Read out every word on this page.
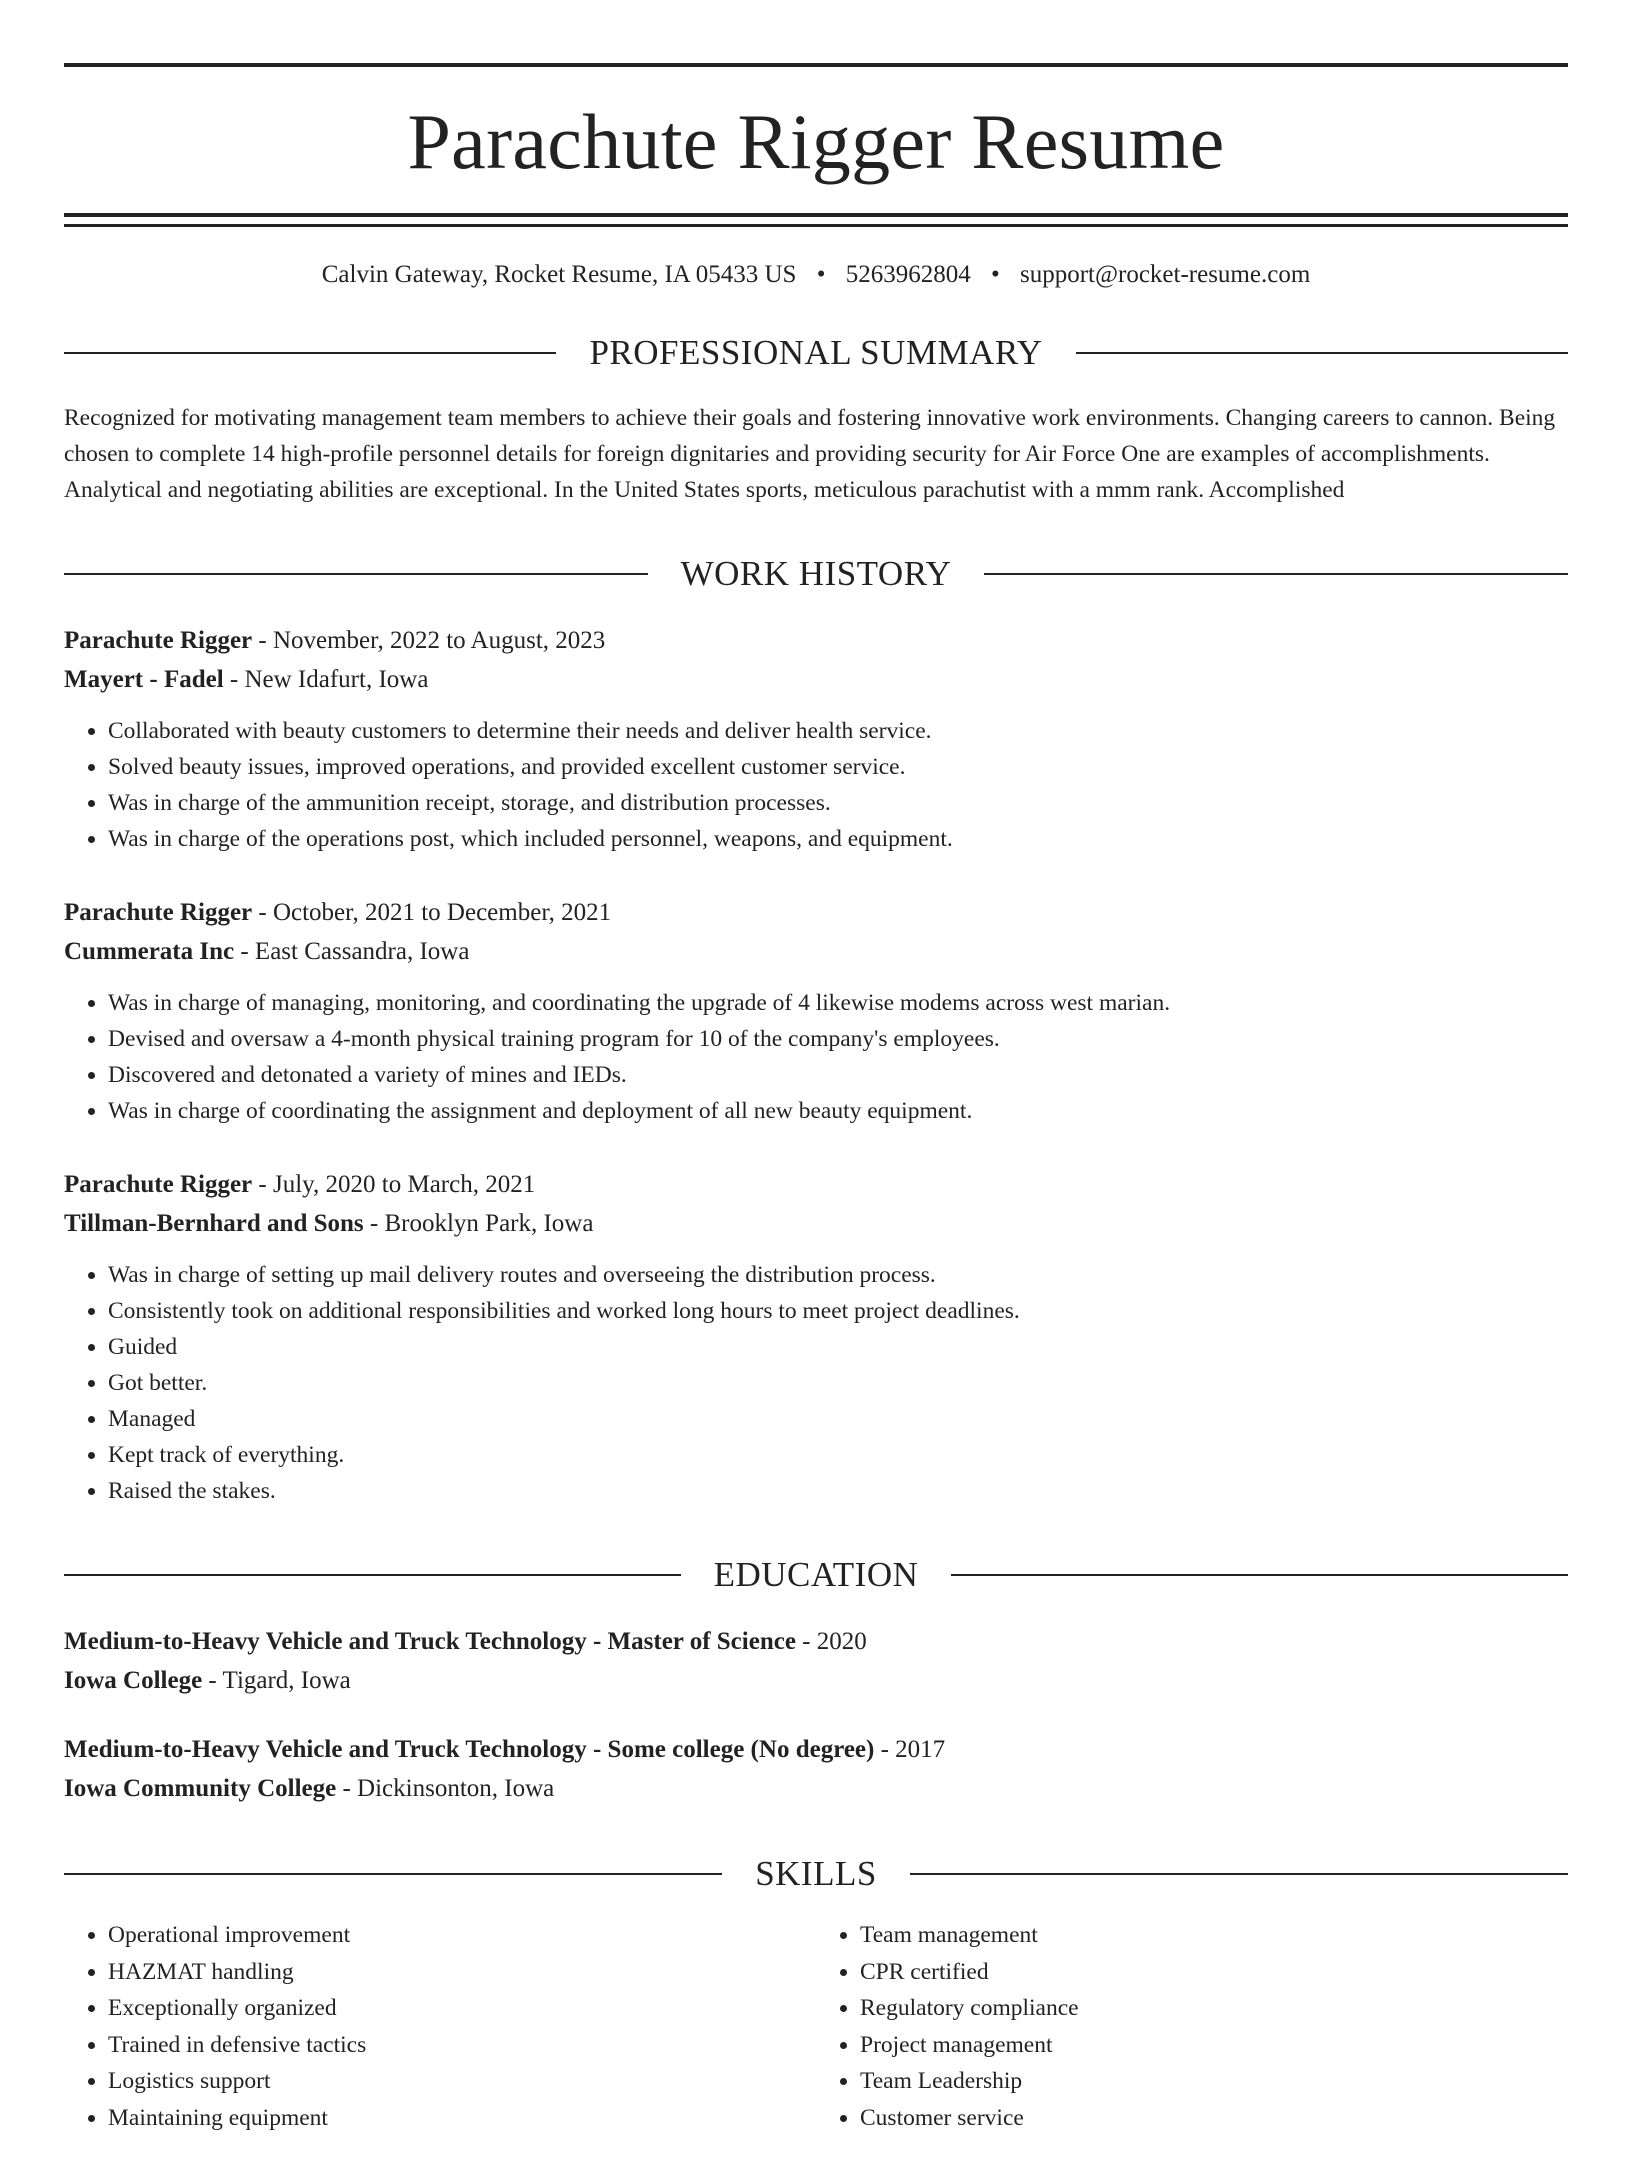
Parachute Rigger Resume
Calvin Gateway, Rocket Resume, IA 05433 US • 5263962804 • support@rocket-resume.com
PROFESSIONAL SUMMARY
Recognized for motivating management team members to achieve their goals and fostering innovative work environments. Changing careers to cannon. Being chosen to complete 14 high-profile personnel details for foreign dignitaries and providing security for Air Force One are examples of accomplishments. Analytical and negotiating abilities are exceptional. In the United States sports, meticulous parachutist with a mmm rank. Accomplished
WORK HISTORY
Parachute Rigger - November, 2022 to August, 2023
Mayert - Fadel - New Idafurt, Iowa
• Collaborated with beauty customers to determine their needs and deliver health service.
• Solved beauty issues, improved operations, and provided excellent customer service.
• Was in charge of the ammunition receipt, storage, and distribution processes.
• Was in charge of the operations post, which included personnel, weapons, and equipment.
Parachute Rigger - October, 2021 to December, 2021
Cummerata Inc - East Cassandra, Iowa
• Was in charge of managing, monitoring, and coordinating the upgrade of 4 likewise modems across west marian.
• Devised and oversaw a 4-month physical training program for 10 of the company's employees.
• Discovered and detonated a variety of mines and IEDs.
• Was in charge of coordinating the assignment and deployment of all new beauty equipment.
Parachute Rigger - July, 2020 to March, 2021
Tillman-Bernhard and Sons - Brooklyn Park, Iowa
• Was in charge of setting up mail delivery routes and overseeing the distribution process.
• Consistently took on additional responsibilities and worked long hours to meet project deadlines.
• Guided
• Got better.
• Managed
• Kept track of everything.
• Raised the stakes.
EDUCATION
Medium-to-Heavy Vehicle and Truck Technology - Master of Science - 2020
Iowa College - Tigard, Iowa
Medium-to-Heavy Vehicle and Truck Technology - Some college (No degree) - 2017
Iowa Community College - Dickinsonton, Iowa
SKILLS
• Operational improvement
• HAZMAT handling
• Exceptionally organized
• Trained in defensive tactics
• Logistics support
• Maintaining equipment
• Team management
• CPR certified
• Regulatory compliance
• Project management
• Team Leadership
• Customer service
